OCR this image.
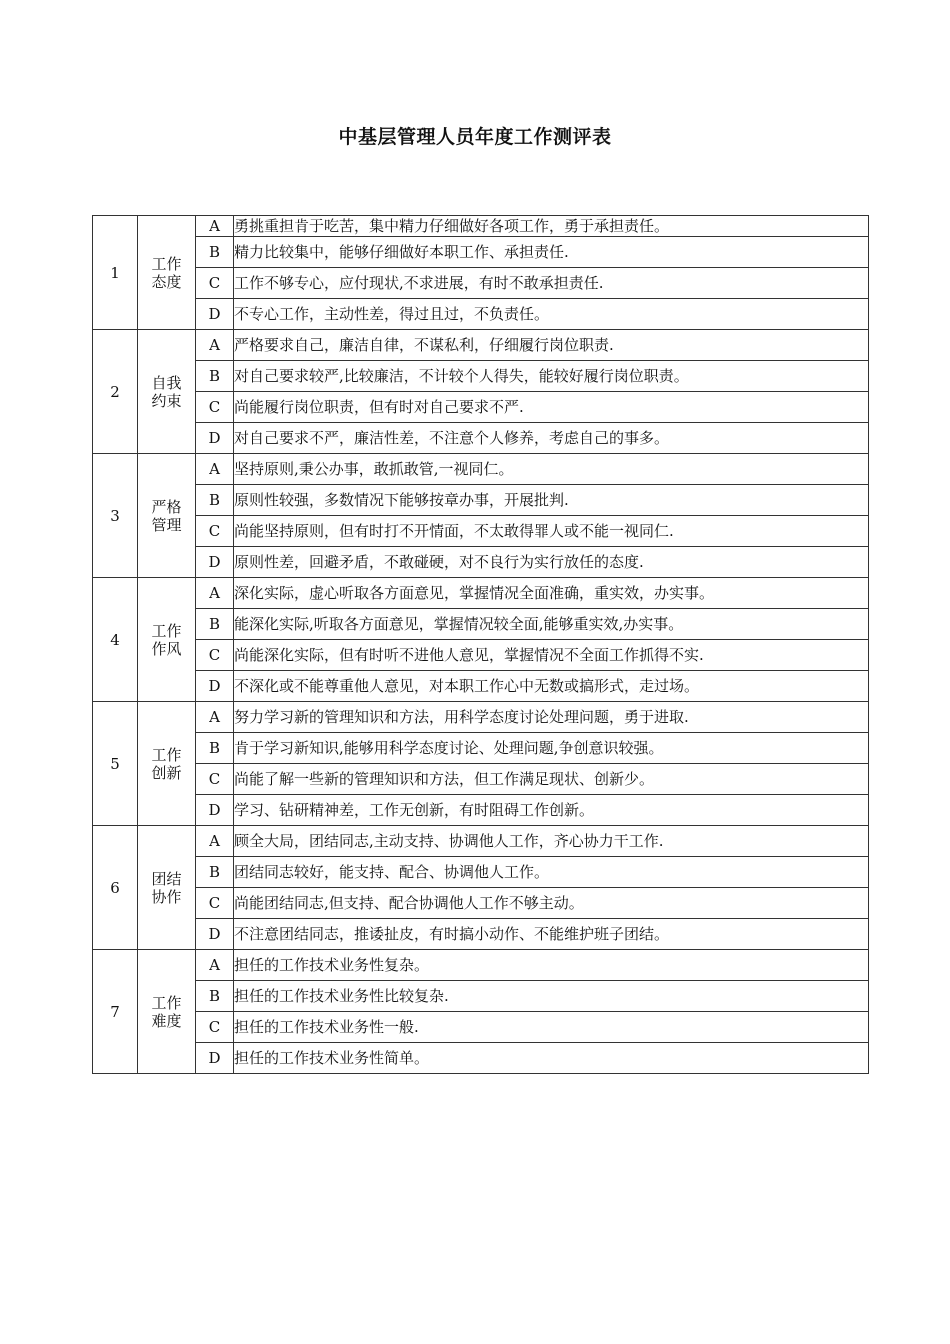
中基层管理人员年度工作测评表
1	工作态度	A	勇挑重担肯于吃苦，集中精力仔细做好各项工作，勇于承担责任。
		B	精力比较集中，能够仔细做好本职工作、承担责任.
		C	工作不够专心，应付现状,不求进展，有时不敢承担责任.
		D	不专心工作，主动性差，得过且过，不负责任。
2	自我约束	A	严格要求自己，廉洁自律，不谋私利，仔细履行岗位职责.
		B	对自己要求较严,比较廉洁，不计较个人得失，能较好履行岗位职责。
		C	尚能履行岗位职责，但有时对自己要求不严.
		D	对自己要求不严，廉洁性差，不注意个人修养，考虑自己的事多。
3	严格管理	A	坚持原则,秉公办事，敢抓敢管,一视同仁。
		B	原则性较强，多数情况下能够按章办事，开展批判.
		C	尚能坚持原则，但有时打不开情面，不太敢得罪人或不能一视同仁.
		D	原则性差，回避矛盾，不敢碰硬，对不良行为实行放任的态度.
4	工作作风	A	深化实际，虚心听取各方面意见，掌握情况全面准确，重实效，办实事。
		B	能深化实际,听取各方面意见，掌握情况较全面,能够重实效,办实事。
		C	尚能深化实际，但有时听不进他人意见，掌握情况不全面工作抓得不实.
		D	不深化或不能尊重他人意见，对本职工作心中无数或搞形式，走过场。
5	工作创新	A	努力学习新的管理知识和方法，用科学态度讨论处理问题，勇于进取.
		B	肯于学习新知识,能够用科学态度讨论、处理问题,争创意识较强。
		C	尚能了解一些新的管理知识和方法，但工作满足现状、创新少。
		D	学习、钻研精神差，工作无创新，有时阻碍工作创新。
6	团结协作	A	顾全大局，团结同志,主动支持、协调他人工作，齐心协力干工作.
		B	团结同志较好，能支持、配合、协调他人工作。
		C	尚能团结同志,但支持、配合协调他人工作不够主动。
		D	不注意团结同志，推诿扯皮，有时搞小动作、不能维护班子团结。
7	工作难度	A	担任的工作技术业务性复杂。
		B	担任的工作技术业务性比较复杂.
		C	担任的工作技术业务性一般.
		D	担任的工作技术业务性简单。
